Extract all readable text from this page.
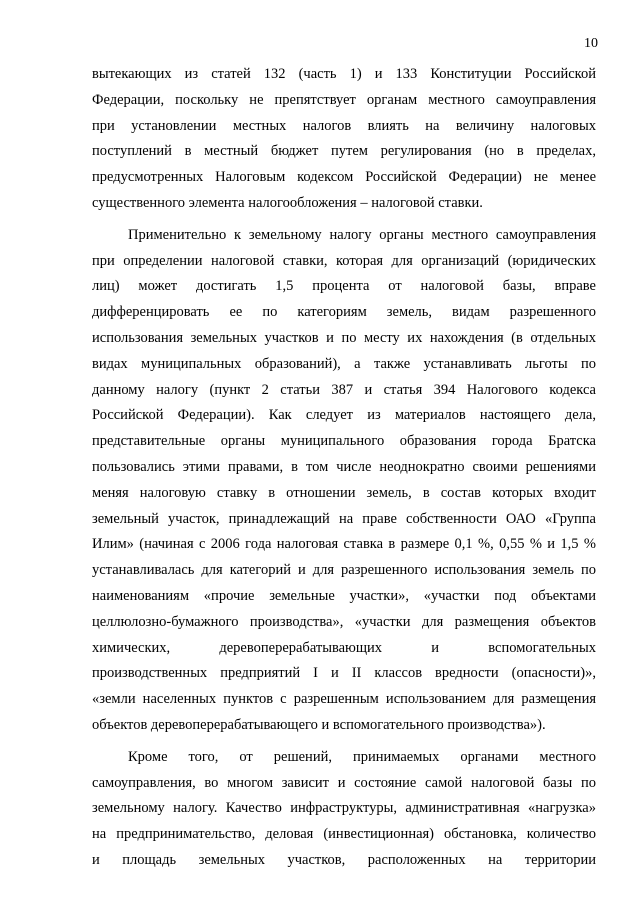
10
вытекающих из статей 132 (часть 1) и 133 Конституции Российской
Федерации, поскольку не препятствует органам местного самоуправления
при установлении местных налогов влиять на величину налоговых
поступлений в местный бюджет путем регулирования (но в пределах,
предусмотренных Налоговым кодексом Российской Федерации) не менее
существенного элемента налогообложения – налоговой ставки.
Применительно к земельному налогу органы местного самоуправления
при определении налоговой ставки, которая для организаций (юридических
лиц) может достигать 1,5 процента от налоговой базы, вправе
дифференцировать ее по категориям земель, видам разрешенного
использования земельных участков и по месту их нахождения (в отдельных
видах муниципальных образований), а также устанавливать льготы по
данному налогу (пункт 2 статьи 387 и статья 394 Налогового кодекса
Российской Федерации). Как следует из материалов настоящего дела,
представительные органы муниципального образования города Братска
пользовались этими правами, в том числе неоднократно своими решениями
меняя налоговую ставку в отношении земель, в состав которых входит
земельный участок, принадлежащий на праве собственности ОАО «Группа
Илим» (начиная с 2006 года налоговая ставка в размере 0,1 %, 0,55 % и 1,5 %
устанавливалась для категорий и для разрешенного использования земель по
наименованиям «прочие земельные участки», «участки под объектами
целлюлозно-бумажного производства», «участки для размещения объектов
химических, деревоперерабатывающих и вспомогательных
производственных предприятий I и II классов вредности (опасности)»,
«земли населенных пунктов с разрешенным использованием для размещения
объектов деревоперерабатывающего и вспомогательного производства»).
Кроме того, от решений, принимаемых органами местного
самоуправления, во многом зависит и состояние самой налоговой базы по
земельному налогу. Качество инфраструктуры, административная «нагрузка»
на предпринимательство, деловая (инвестиционная) обстановка, количество
и площадь земельных участков, расположенных на территории
